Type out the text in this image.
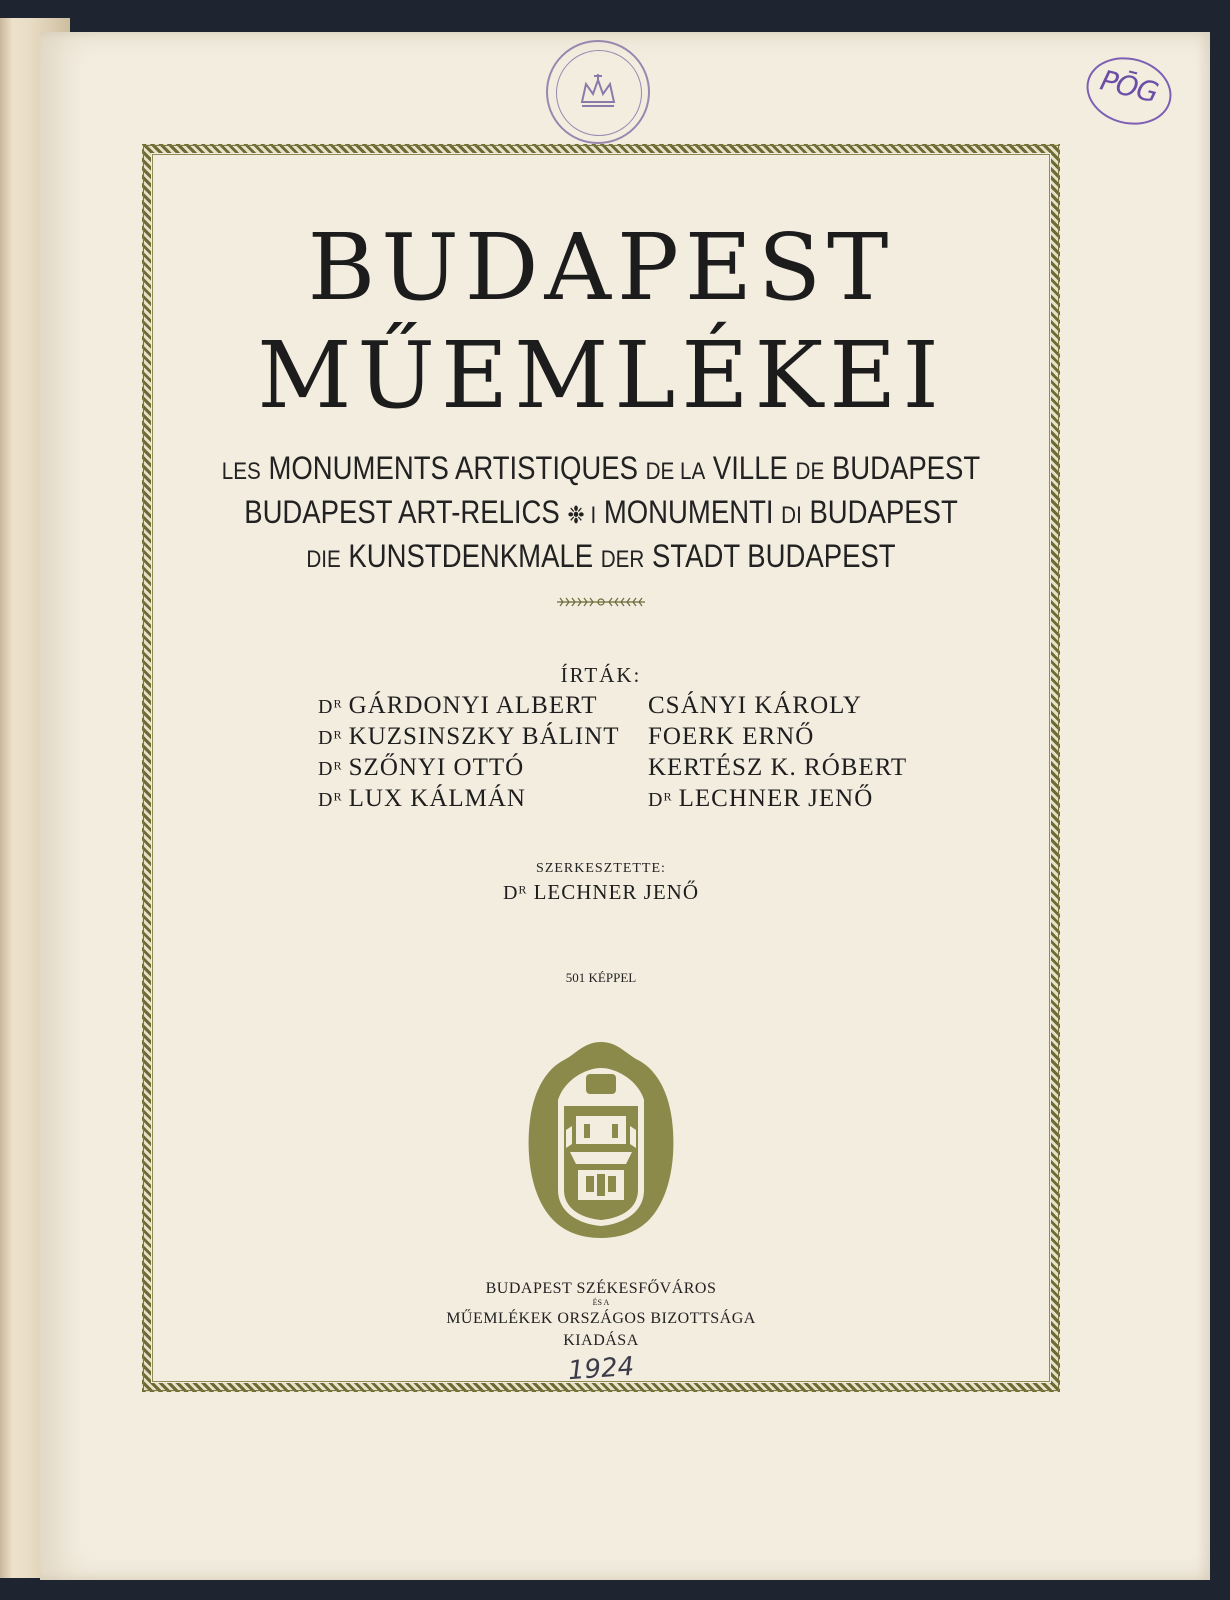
PŌG
BUDAPEST
MŰEMLÉKEI
LES MONUMENTS ARTISTIQUES DE LA VILLE DE BUDAPEST
BUDAPEST ART-RELICS ❉ I MONUMENTI DI BUDAPEST
DIE KUNSTDENKMALE DER STADT BUDAPEST
ÍRTÁK:
Dᴿ GÁRDONYI ALBERT
Dᴿ KUZSINSZKY BÁLINT
Dᴿ SZŐNYI OTTÓ
Dᴿ LUX KÁLMÁN
CSÁNYI KÁROLY
FOERK ERNŐ
KERTÉSZ K. RÓBERT
Dᴿ LECHNER JENŐ
SZERKESZTETTE:
Dᴿ LECHNER JENŐ
501 KÉPPEL
BUDAPEST SZÉKESFŐVÁROS
ÉS A
MŰEMLÉKEK ORSZÁGOS BIZOTTSÁGA
KIADÁSA
1924
